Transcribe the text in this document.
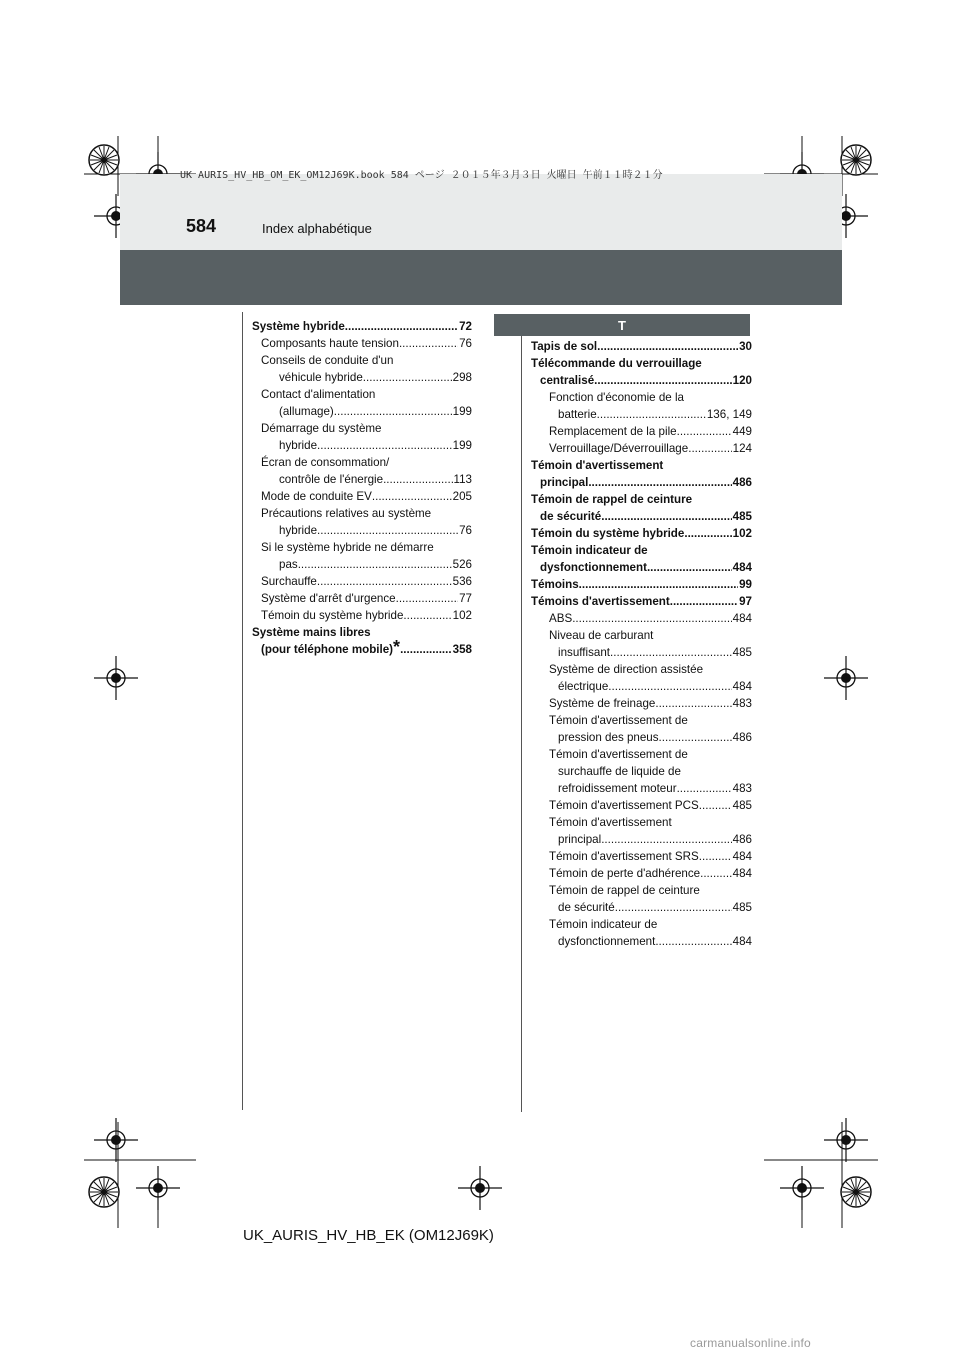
UK AURIS_HV_HB_OM_EK_OM12J69K.book 584 ページ ２０１５年３月３日 火曜日 午前１１時２１分
584	Index alphabétique
T
Système hybride .....	72
Composants haute tension .....	76
Conseils de conduite d'un
véhicule hybride .....	298
Contact d'alimentation
(allumage) .....	199
Démarrage du système
hybride .....	199
Écran de consommation/
contrôle de l'énergie .....	113
Mode de conduite EV .....	205
Précautions relatives au système
hybride .....	76
Si le système hybride ne démarre
pas .....	526
Surchauffe .....	536
Système d'arrêt d'urgence .....	77
Témoin du système hybride .....	102
Système mains libres
(pour téléphone mobile)* .....	358
Tapis de sol .....	30
Télécommande du verrouillage
centralisé .....	120
Fonction d'économie de la
batterie .....	136, 149
Remplacement de la pile .....	449
Verrouillage/Déverrouillage .....	124
Témoin d'avertissement
principal .....	486
Témoin de rappel de ceinture
de sécurité .....	485
Témoin du système hybride .....	102
Témoin indicateur de
dysfonctionnement .....	484
Témoins .....	99
Témoins d'avertissement .....	97
ABS .....	484
Niveau de carburant
insuffisant .....	485
Système de direction assistée
électrique .....	484
Système de freinage .....	483
Témoin d'avertissement de
pression des pneus .....	486
Témoin d'avertissement de
surchauffe de liquide de
refroidissement moteur .....	483
Témoin d'avertissement PCS .....	485
Témoin d'avertissement
principal .....	486
Témoin d'avertissement SRS .....	484
Témoin de perte d'adhérence .....	484
Témoin de rappel de ceinture
de sécurité .....	485
Témoin indicateur de
dysfonctionnement .....	484
UK_AURIS_HV_HB_EK (OM12J69K)
carmanualsonline.info
